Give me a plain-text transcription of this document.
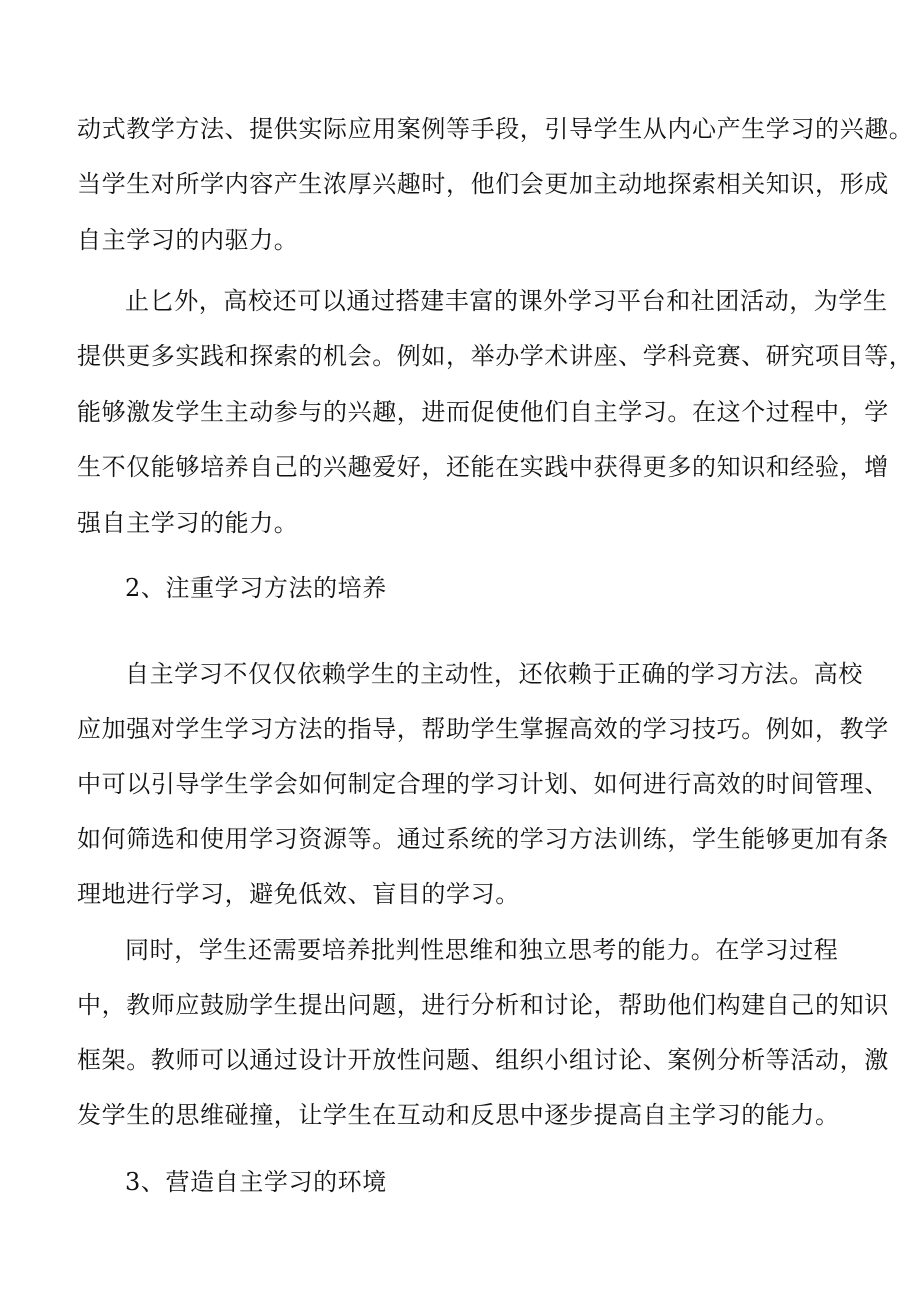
动式教学方法、提供实际应用案例等手段，引导学生从内心产生学习的兴趣。
当学生对所学内容产生浓厚兴趣时，他们会更加主动地探索相关知识，形成
自主学习的内驱力。
止匕外，高校还可以通过搭建丰富的课外学习平台和社团活动，为学生
提供更多实践和探索的机会。例如，举办学术讲座、学科竞赛、研究项目等，
能够激发学生主动参与的兴趣，进而促使他们自主学习。在这个过程中，学
生不仅能够培养自己的兴趣爱好，还能在实践中获得更多的知识和经验，增
强自主学习的能力。
2、注重学习方法的培养
自主学习不仅仅依赖学生的主动性，还依赖于正确的学习方法。高校
应加强对学生学习方法的指导，帮助学生掌握高效的学习技巧。例如，教学
中可以引导学生学会如何制定合理的学习计划、如何进行高效的时间管理、
如何筛选和使用学习资源等。通过系统的学习方法训练，学生能够更加有条
理地进行学习，避免低效、盲目的学习。
同时，学生还需要培养批判性思维和独立思考的能力。在学习过程
中，教师应鼓励学生提出问题，进行分析和讨论，帮助他们构建自己的知识
框架。教师可以通过设计开放性问题、组织小组讨论、案例分析等活动，激
发学生的思维碰撞，让学生在互动和反思中逐步提高自主学习的能力。
3、营造自主学习的环境
